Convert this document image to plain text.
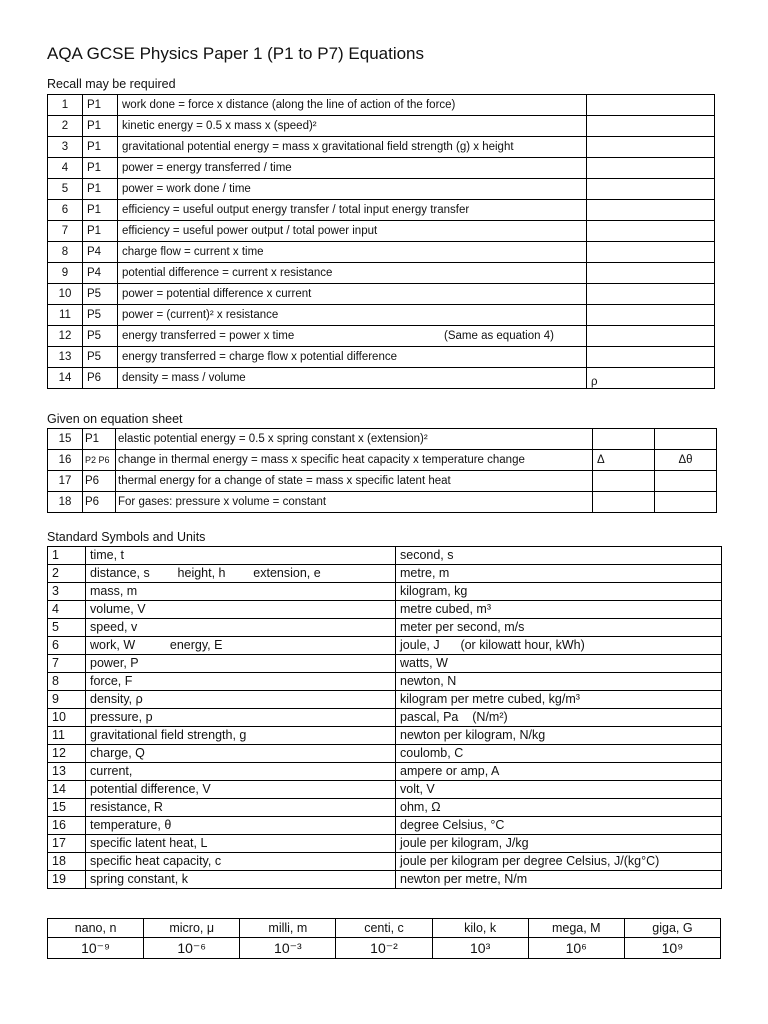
AQA GCSE Physics Paper 1 (P1 to P7) Equations
Recall may be required
1	P1	work done = force x distance (along the line of action of the force)	
2	P1	kinetic energy = 0.5 x mass x (speed)²	
3	P1	gravitational potential energy = mass x gravitational field strength (g) x height	
4	P1	power = energy transferred / time	
5	P1	power = work done / time	
6	P1	efficiency = useful output energy transfer / total input energy transfer	
7	P1	efficiency = useful power output / total power input	
8	P4	charge flow = current x time	
9	P4	potential difference = current x resistance	
10	P5	power = potential difference x current	
11	P5	power = (current)² x resistance	
12	P5	energy transferred = power x time (Same as equation 4)	

13	P5	energy transferred = charge flow x potential difference	
14	P6	density = mass / volume	ρ
Given on equation sheet
15	P1	elastic potential energy = 0.5 x spring constant x (extension)²		
16	P2 P6	change in thermal energy = mass x specific heat capacity x temperature change	Δ	Δθ
17	P6	thermal energy for a change of state = mass x specific latent heat		
18	P6	For gases: pressure x volume = constant		
Standard Symbols and Units
1	time, t	second, s
2	distance, s        height, h        extension, e	metre, m
3	mass, m	kilogram, kg
4	volume, V	metre cubed, m³
5	speed, v	meter per second, m/s
6	work, W          energy, E	joule, J      (or kilowatt hour, kWh)
7	power, P	watts, W
8	force, F	newton, N
9	density, ρ	kilogram per metre cubed, kg/m³
10	pressure, p	pascal, Pa    (N/m²)
11	gravitational field strength, g	newton per kilogram, N/kg
12	charge, Q	coulomb, C
13	current,	ampere or amp, A
14	potential difference, V	volt, V
15	resistance, R	ohm, Ω
16	temperature, θ	degree Celsius, °C
17	specific latent heat, L	joule per kilogram, J/kg
18	specific heat capacity, c	joule per kilogram per degree Celsius, J/(kg°C)
19	spring constant, k	newton per metre, N/m
nano, n	micro, μ	milli, m	centi, c	kilo, k	mega, M	giga, G
10⁻⁹	10⁻⁶	10⁻³	10⁻²	10³	10⁶	10⁹
